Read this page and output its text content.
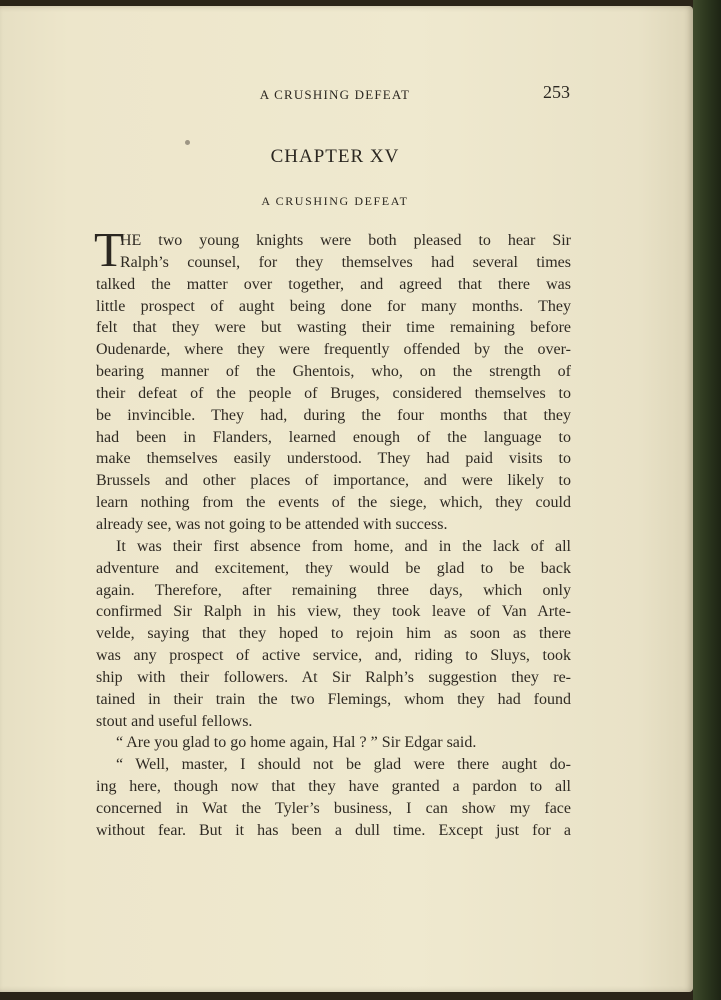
A CRUSHING DEFEAT	253
CHAPTER XV
A CRUSHING DEFEAT
T
HE two young knights were both pleased to hear Sir
Ralph’s counsel, for they themselves had several times
talked the matter over together, and agreed that there was
little prospect of aught being done for many months. They
felt that they were but wasting their time remaining before
Oudenarde, where they were frequently offended by the over-
bearing manner of the Ghentois, who, on the strength of
their defeat of the people of Bruges, considered themselves to
be invincible. They had, during the four months that they
had been in Flanders, learned enough of the language to
make themselves easily understood. They had paid visits to
Brussels and other places of importance, and were likely to
learn nothing from the events of the siege, which, they could
already see, was not going to be attended with success.
It was their first absence from home, and in the lack of all
adventure and excitement, they would be glad to be back
again. Therefore, after remaining three days, which only
confirmed Sir Ralph in his view, they took leave of Van Arte-
velde, saying that they hoped to rejoin him as soon as there
was any prospect of active service, and, riding to Sluys, took
ship with their followers. At Sir Ralph’s suggestion they re-
tained in their train the two Flemings, whom they had found
stout and useful fellows.
“ Are you glad to go home again, Hal ? ” Sir Edgar said.
“ Well, master, I should not be glad were there aught do-
ing here, though now that they have granted a pardon to all
concerned in Wat the Tyler’s business, I can show my face
without fear. But it has been a dull time. Except just for a
